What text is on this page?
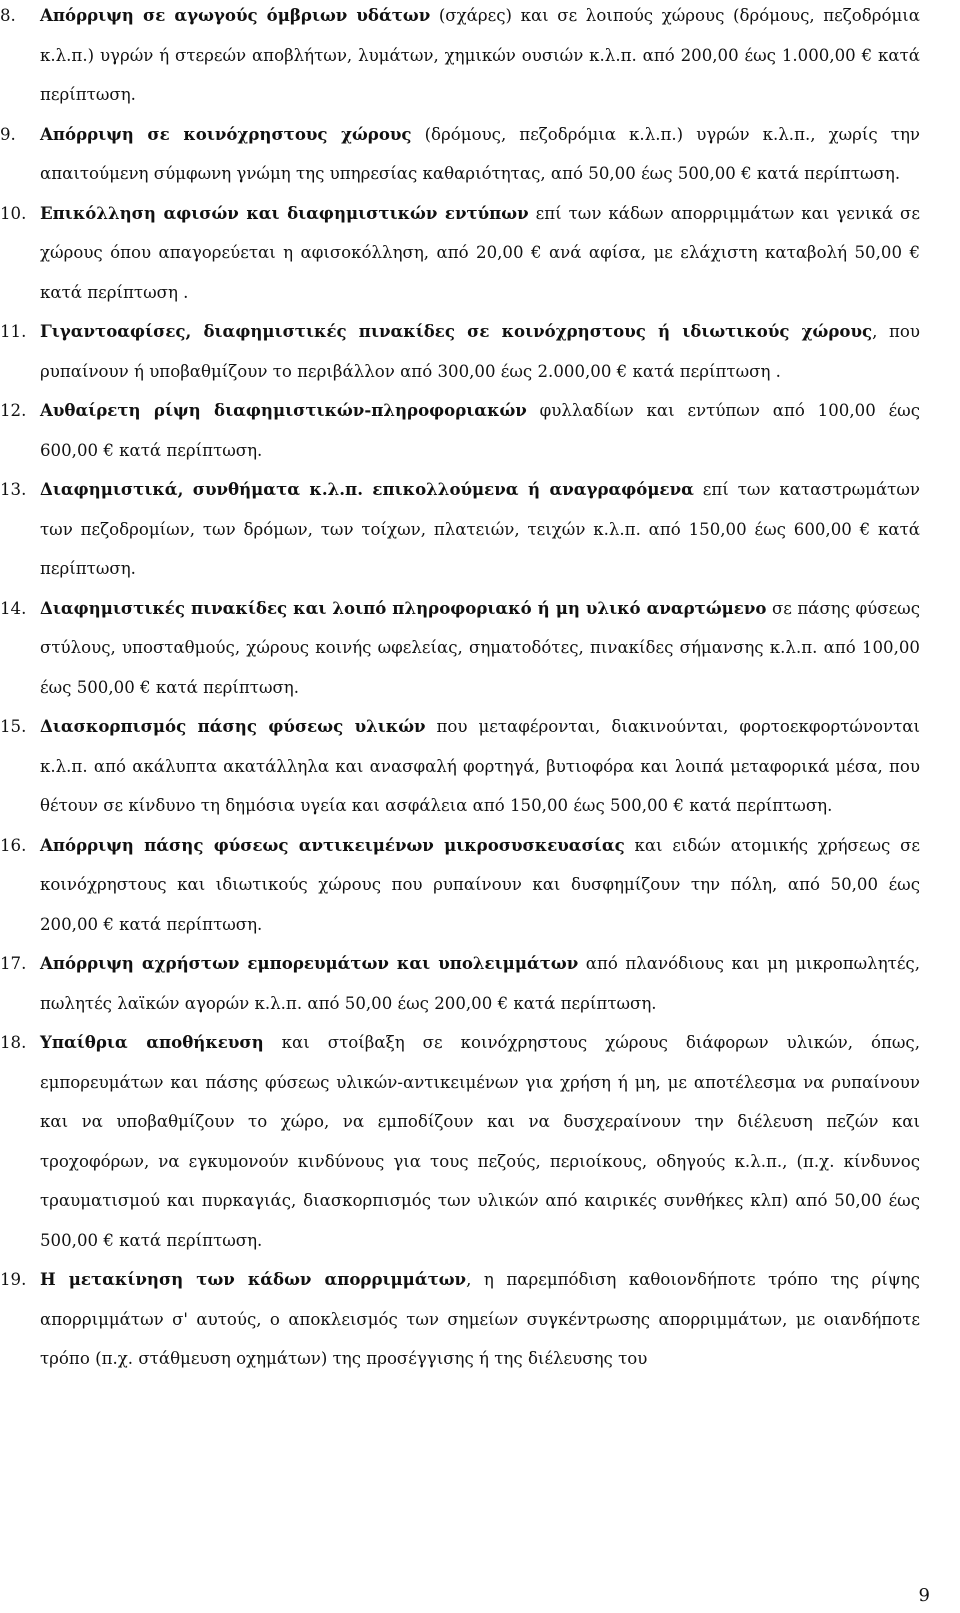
8.	Απόρριψη σε αγωγούς όμβριων υδάτων (σχάρες) και σε λοιπούς χώρους (δρόμους, πεζοδρόμια κ.λ.π.) υγρών ή στερεών αποβλήτων, λυμάτων, χημικών ουσιών κ.λ.π. από 200,00 έως 1.000,00 € κατά περίπτωση.
9.	Απόρριψη σε κοινόχρηστους χώρους (δρόμους, πεζοδρόμια κ.λ.π.) υγρών κ.λ.π., χωρίς την απαιτούμενη σύμφωνη γνώμη της υπηρεσίας καθαριότητας, από 50,00 έως 500,00 € κατά περίπτωση.
10. Επικόλληση αφισών και διαφημιστικών εντύπων επί των κάδων απορριμμάτων και γενικά σε χώρους όπου απαγορεύεται η αφισοκόλληση, από 20,00 € ανά αφίσα, με ελάχιστη καταβολή 50,00 € κατά περίπτωση .
11. Γιγαντοαφίσες, διαφημιστικές πινακίδες σε κοινόχρηστους ή ιδιωτικούς χώρους, που ρυπαίνουν ή υποβαθμίζουν το περιβάλλον από 300,00 έως 2.000,00 € κατά περίπτωση .
12. Αυθαίρετη ρίψη διαφημιστικών-πληροφοριακών φυλλαδίων και εντύπων από 100,00 έως 600,00 € κατά περίπτωση.
13. Διαφημιστικά, συνθήματα κ.λ.π. επικολλούμενα ή αναγραφόμενα επί των καταστρωμάτων των πεζοδρομίων, των δρόμων, των τοίχων, πλατειών, τειχών κ.λ.π. από 150,00 έως 600,00 € κατά περίπτωση.
14. Διαφημιστικές πινακίδες και λοιπό πληροφοριακό ή μη υλικό αναρτώμενο σε πάσης φύσεως στύλους, υποσταθμούς, χώρους κοινής ωφελείας, σηματοδότες, πινακίδες σήμανσης κ.λ.π. από 100,00 έως 500,00 € κατά περίπτωση.
15. Διασκορπισμός πάσης φύσεως υλικών που μεταφέρονται, διακινούνται, φορτοεκφορτώνονται κ.λ.π. από ακάλυπτα ακατάλληλα και ανασφαλή φορτηγά, βυτιοφόρα και λοιπά μεταφορικά μέσα, που θέτουν σε κίνδυνο τη δημόσια υγεία και ασφάλεια από 150,00 έως 500,00 € κατά περίπτωση.
16. Απόρριψη πάσης φύσεως αντικειμένων μικροσυσκευασίας και ειδών ατομικής χρήσεως σε κοινόχρηστους και ιδιωτικούς χώρους που ρυπαίνουν και δυσφημίζουν την πόλη, από 50,00 έως 200,00 € κατά περίπτωση.
17. Απόρριψη αχρήστων εμπορευμάτων και υπολειμμάτων από πλανόδιους και μη μικροπωλητές, πωλητές λαϊκών αγορών κ.λ.π. από 50,00 έως 200,00 € κατά περίπτωση.
18. Υπαίθρια αποθήκευση και στοίβαξη σε κοινόχρηστους χώρους διάφορων υλικών, όπως, εμπορευμάτων και πάσης φύσεως υλικών-αντικειμένων για χρήση ή μη, με αποτέλεσμα να ρυπαίνουν και να υποβαθμίζουν το χώρο, να εμποδίζουν και να δυσχεραίνουν την διέλευση πεζών και τροχοφόρων, να εγκυμονούν κινδύνους για τους πεζούς, περιοίκους, οδηγούς κ.λ.π., (π.χ. κίνδυνος τραυματισμού και πυρκαγιάς, διασκορπισμός των υλικών από καιρικές συνθήκες κλπ) από 50,00 έως 500,00 € κατά περίπτωση.
19. Η μετακίνηση των κάδων απορριμμάτων, η παρεμπόδιση καθοιονδήποτε τρόπο της ρίψης απορριμμάτων σ' αυτούς, ο αποκλεισμός των σημείων συγκέντρωσης απορριμμάτων, με οιανδήποτε τρόπο (π.χ. στάθμευση οχημάτων) της προσέγγισης ή της διέλευσης του
9
